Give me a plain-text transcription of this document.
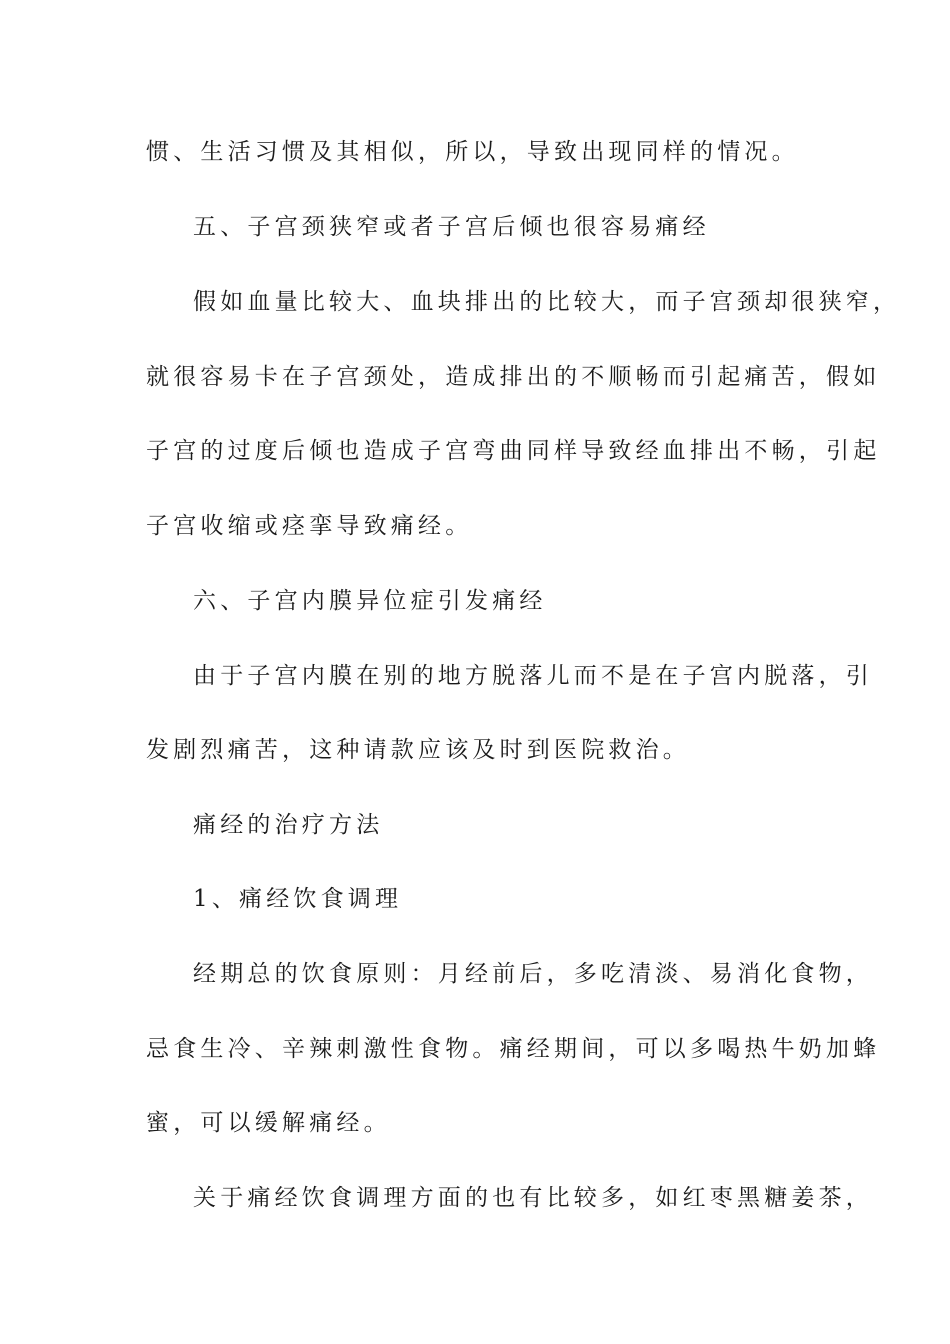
惯、生活习惯及其相似，所以，导致出现同样的情况。

五、子宫颈狭窄或者子宫后倾也很容易痛经

假如血量比较大、血块排出的比较大，而子宫颈却很狭窄，

就很容易卡在子宫颈处，造成排出的不顺畅而引起痛苦，假如

子宫的过度后倾也造成子宫弯曲同样导致经血排出不畅，引起

子宫收缩或痉挛导致痛经。

六、子宫内膜异位症引发痛经

由于子宫内膜在别的地方脱落儿而不是在子宫内脱落，引

发剧烈痛苦，这种请款应该及时到医院救治。

痛经的治疗方法

1、痛经饮食调理

经期总的饮食原则：月经前后，多吃清淡、易消化食物，

忌食生冷、辛辣刺激性食物。痛经期间，可以多喝热牛奶加蜂

蜜，可以缓解痛经。

关于痛经饮食调理方面的也有比较多，如红枣黑糖姜茶，
